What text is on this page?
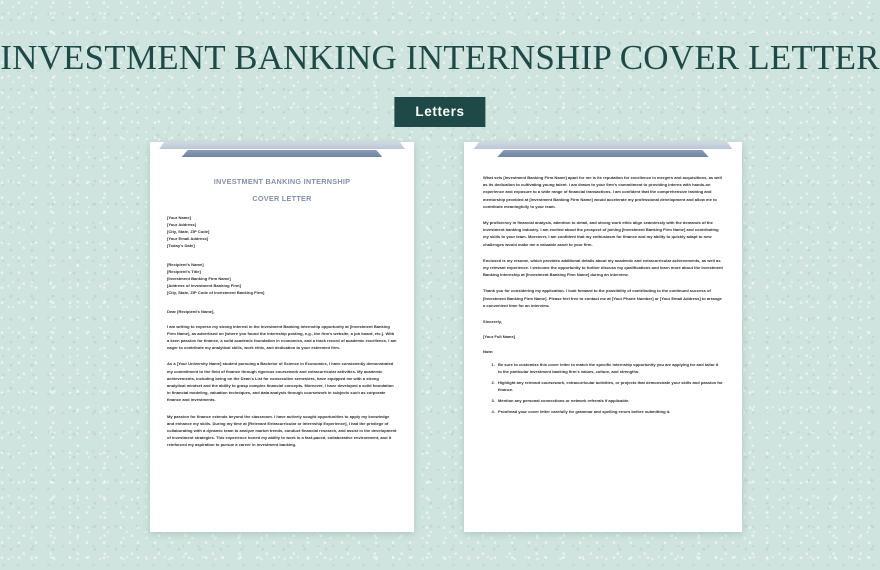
INVESTMENT BANKING INTERNSHIP COVER LETTER
Letters
INVESTMENT BANKING INTERNSHIP
COVER LETTER
[Your Name]
[Your Address]
[City, State, ZIP Code]
[Your Email Address]
[Today's Date]
[Recipient's Name]
[Recipient's Title]
[Investment Banking Firm Name]
[Address of Investment Banking Firm]
[City, State, ZIP Code of Investment Banking Firm]
Dear [Recipient's Name],

I am writing to express my strong interest in the Investment Banking Internship opportunity at [Investment Banking Firm Name], as advertised on [where you found the internship posting, e.g., the firm's website, a job board, etc.]. With a keen passion for finance, a solid academic foundation in economics, and a track record of academic excellence, I am eager to contribute my analytical skills, work ethic, and dedication to your esteemed firm.

As a [Your University Name] student pursuing a Bachelor of Science in Economics, I have consistently demonstrated my commitment to the field of finance through rigorous coursework and extracurricular activities. My academic achievements, including being on the Dean's List for consecutive semesters, have equipped me with a strong analytical mindset and the ability to grasp complex financial concepts. Moreover, I have developed a solid foundation in financial modeling, valuation techniques, and data analysis through coursework in subjects such as corporate finance and investments.

My passion for finance extends beyond the classroom. I have actively sought opportunities to apply my knowledge and enhance my skills. During my time at [Relevant Extracurricular or Internship Experience], I had the privilege of collaborating with a dynamic team to analyze market trends, conduct financial research, and assist in the development of investment strategies. This experience honed my ability to work in a fast-paced, collaborative environment, and it reinforced my aspiration to pursue a career in investment banking.

What sets [Investment Banking Firm Name] apart for me is its reputation for excellence in mergers and acquisitions, as well as its dedication to cultivating young talent. I am drawn to your firm's commitment to providing interns with hands-on experience and exposure to a wide range of financial transactions. I am confident that the comprehensive training and mentorship provided at [Investment Banking Firm Name] would accelerate my professional development and allow me to contribute meaningfully to your team.

My proficiency in financial analysis, attention to detail, and strong work ethic align seamlessly with the demands of the investment banking industry. I am excited about the prospect of joining [Investment Banking Firm Name] and contributing my skills to your team. Moreover, I am confident that my enthusiasm for finance and my ability to quickly adapt to new challenges would make me a valuable asset to your firm.

Enclosed is my resume, which provides additional details about my academic and extracurricular achievements, as well as my relevant experience. I welcome the opportunity to further discuss my qualifications and learn more about the Investment Banking Internship at [Investment Banking Firm Name] during an interview.

Thank you for considering my application. I look forward to the possibility of contributing to the continued success of [Investment Banking Firm Name]. Please feel free to contact me at [Your Phone Number] or [Your Email Address] to arrange a convenient time for an interview.

Sincerely,
[Your Full Name]
Note:
1. Be sure to customize this cover letter to match the specific internship opportunity you are applying for and tailor it to the particular investment banking firm's values, culture, and strengths.
2. Highlight any relevant coursework, extracurricular activities, or projects that demonstrate your skills and passion for finance.
3. Mention any personal connections or network referrals if applicable.
4. Proofread your cover letter carefully for grammar and spelling errors before submitting it.
